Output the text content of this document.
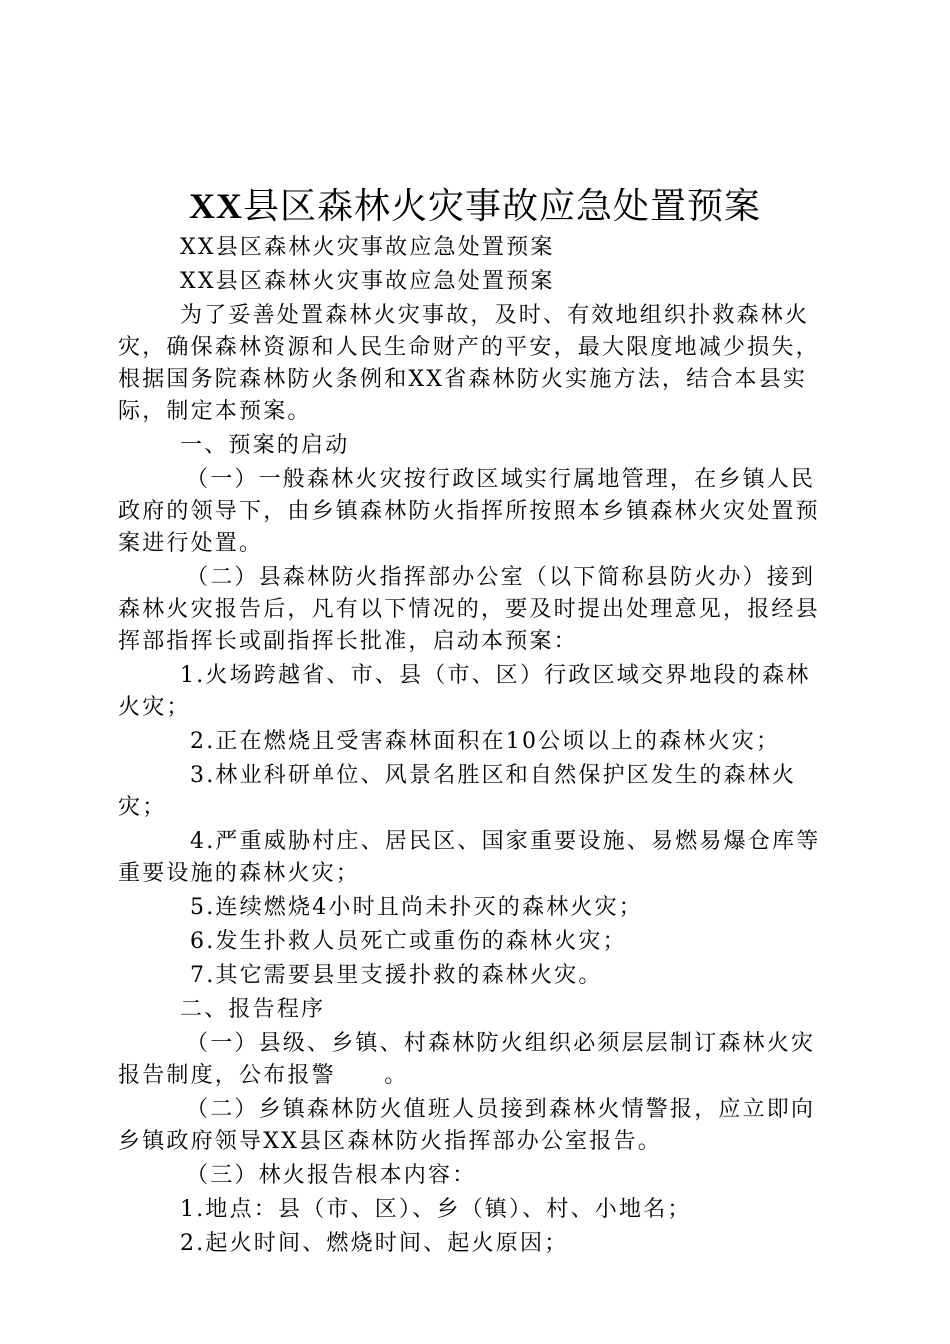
XX县区森林火灾事故应急处置预案

XX县区森林火灾事故应急处置预案

XX县区森林火灾事故应急处置预案

为了妥善处置森林火灾事故，及时、有效地组织扑救森林火灾，确保森林资源和人民生命财产的平安，最大限度地减少损失，根据国务院森林防火条例和XX省森林防火实施方法，结合本县实际，制定本预案。

一、预案的启动

（一）一般森林火灾按行政区域实行属地管理，在乡镇人民政府的领导下，由乡镇森林防火指挥所按照本乡镇森林火灾处置预案进行处置。

（二）县森林防火指挥部办公室（以下简称县防火办）接到森林火灾报告后，凡有以下情况的，要及时提出处理意见，报经县挥部指挥长或副指挥长批准，启动本预案：

1.火场跨越省、市、县（市、区）行政区域交界地段的森林火灾；

2.正在燃烧且受害森林面积在10公顷以上的森林火灾；

3.林业科研单位、风景名胜区和自然保护区发生的森林火灾；

4.严重威胁村庄、居民区、国家重要设施、易燃易爆仓库等重要设施的森林火灾；

5.连续燃烧4小时且尚未扑灭的森林火灾；

6.发生扑救人员死亡或重伤的森林火灾；

7.其它需要县里支援扑救的森林火灾。

二、报告程序

（一）县级、乡镇、村森林防火组织必须层层制订森林火灾报告制度，公布报警　　。

（二）乡镇森林防火值班人员接到森林火情警报，应立即向乡镇政府领导XX县区森林防火指挥部办公室报告。

（三）林火报告根本内容：

1.地点：县（市、区）、乡（镇）、村、小地名；

2.起火时间、燃烧时间、起火原因；
